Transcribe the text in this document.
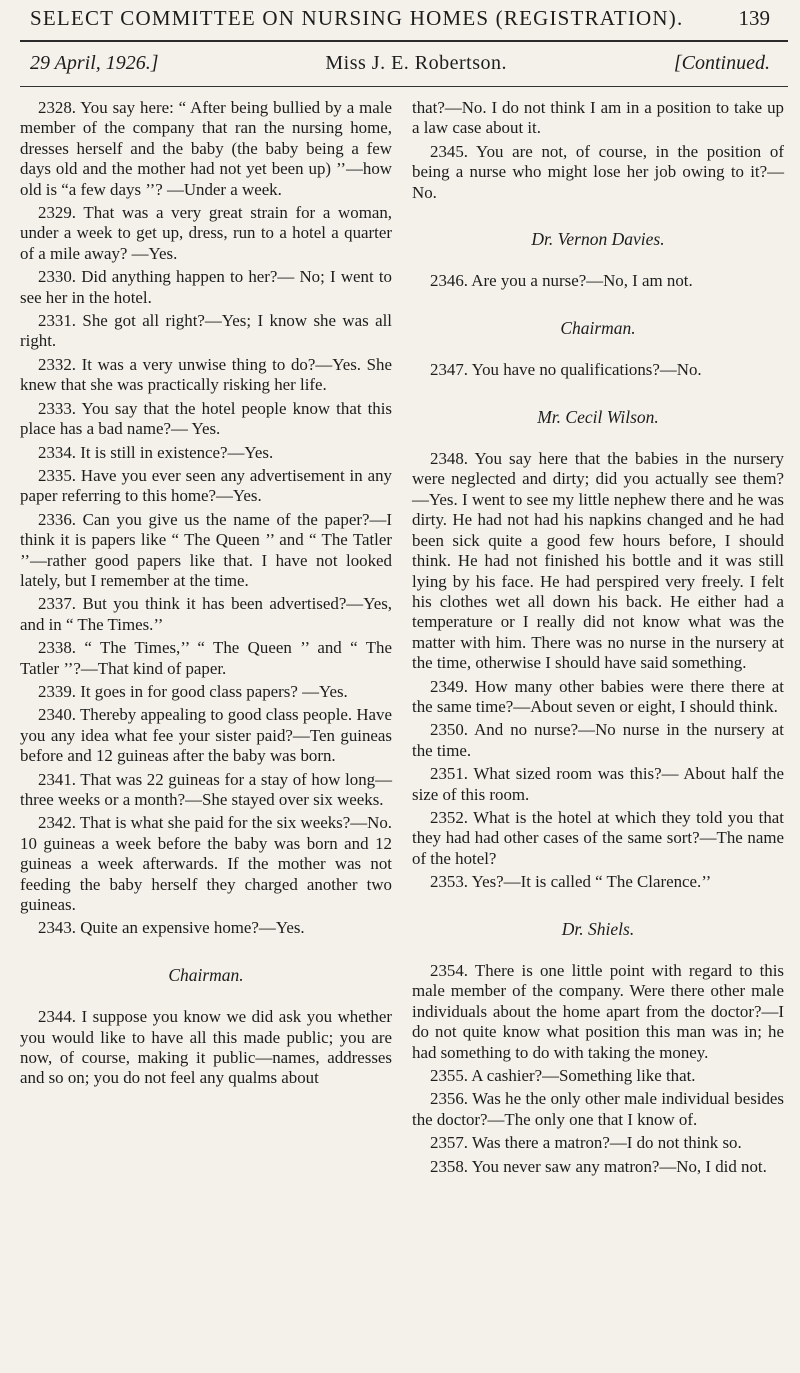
SELECT COMMITTEE ON NURSING HOMES (REGISTRATION).	139
29 April, 1926.]	Miss J. E. Robertson.	[Continued.

2328. You say here: “ After being bullied by a male member of the company that ran the nursing home, dresses herself and the baby (the baby being a few days old and the mother had not yet been up) ’’—how old is “a few days ’’? —Under a week.

2329. That was a very great strain for a woman, under a week to get up, dress, run to a hotel a quarter of a mile away? —Yes.

2330. Did anything happen to her?— No; I went to see her in the hotel.

2331. She got all right?—Yes; I know she was all right.

2332. It was a very unwise thing to do?—Yes. She knew that she was practically risking her life.

2333. You say that the hotel people know that this place has a bad name?— Yes.

2334. It is still in existence?—Yes.

2335. Have you ever seen any advertisement in any paper referring to this home?—Yes.

2336. Can you give us the name of the paper?—I think it is papers like “ The Queen ’’ and “ The Tatler ’’—rather good papers like that. I have not looked lately, but I remember at the time.

2337. But you think it has been advertised?—Yes, and in “ The Times.’’

2338. “ The Times,’’ “ The Queen ’’ and “ The Tatler ’’?—That kind of paper.

2339. It goes in for good class papers? —Yes.

2340. Thereby appealing to good class people. Have you any idea what fee your sister paid?—Ten guineas before and 12 guineas after the baby was born.

2341. That was 22 guineas for a stay of how long—three weeks or a month?—She stayed over six weeks.

2342. That is what she paid for the six weeks?—No. 10 guineas a week before the baby was born and 12 guineas a week afterwards. If the mother was not feeding the baby herself they charged another two guineas.

2343. Quite an expensive home?—Yes.

Chairman.

2344. I suppose you know we did ask you whether you would like to have all this made public; you are now, of course, making it public—names, addresses and so on; you do not feel any qualms about

that?—No. I do not think I am in a position to take up a law case about it.

2345. You are not, of course, in the position of being a nurse who might lose her job owing to it?—No.

Dr. Vernon Davies.

2346. Are you a nurse?—No, I am not.

Chairman.

2347. You have no qualifications?—No.

Mr. Cecil Wilson.

2348. You say here that the babies in the nursery were neglected and dirty; did you actually see them?—Yes. I went to see my little nephew there and he was dirty. He had not had his napkins changed and he had been sick quite a good few hours before, I should think. He had not finished his bottle and it was still lying by his face. He had perspired very freely. I felt his clothes wet all down his back. He either had a temperature or I really did not know what was the matter with him. There was no nurse in the nursery at the time, otherwise I should have said something.

2349. How many other babies were there there at the same time?—About seven or eight, I should think.

2350. And no nurse?—No nurse in the nursery at the time.

2351. What sized room was this?— About half the size of this room.

2352. What is the hotel at which they told you that they had had other cases of the same sort?—The name of the hotel?

2353. Yes?—It is called “ The Clarence.’’

Dr. Shiels.

2354. There is one little point with regard to this male member of the company. Were there other male individuals about the home apart from the doctor?—I do not quite know what position this man was in; he had something to do with taking the money.

2355. A cashier?—Something like that.

2356. Was he the only other male individual besides the doctor?—The only one that I know of.

2357. Was there a matron?—I do not think so.

2358. You never saw any matron?—No, I did not.
